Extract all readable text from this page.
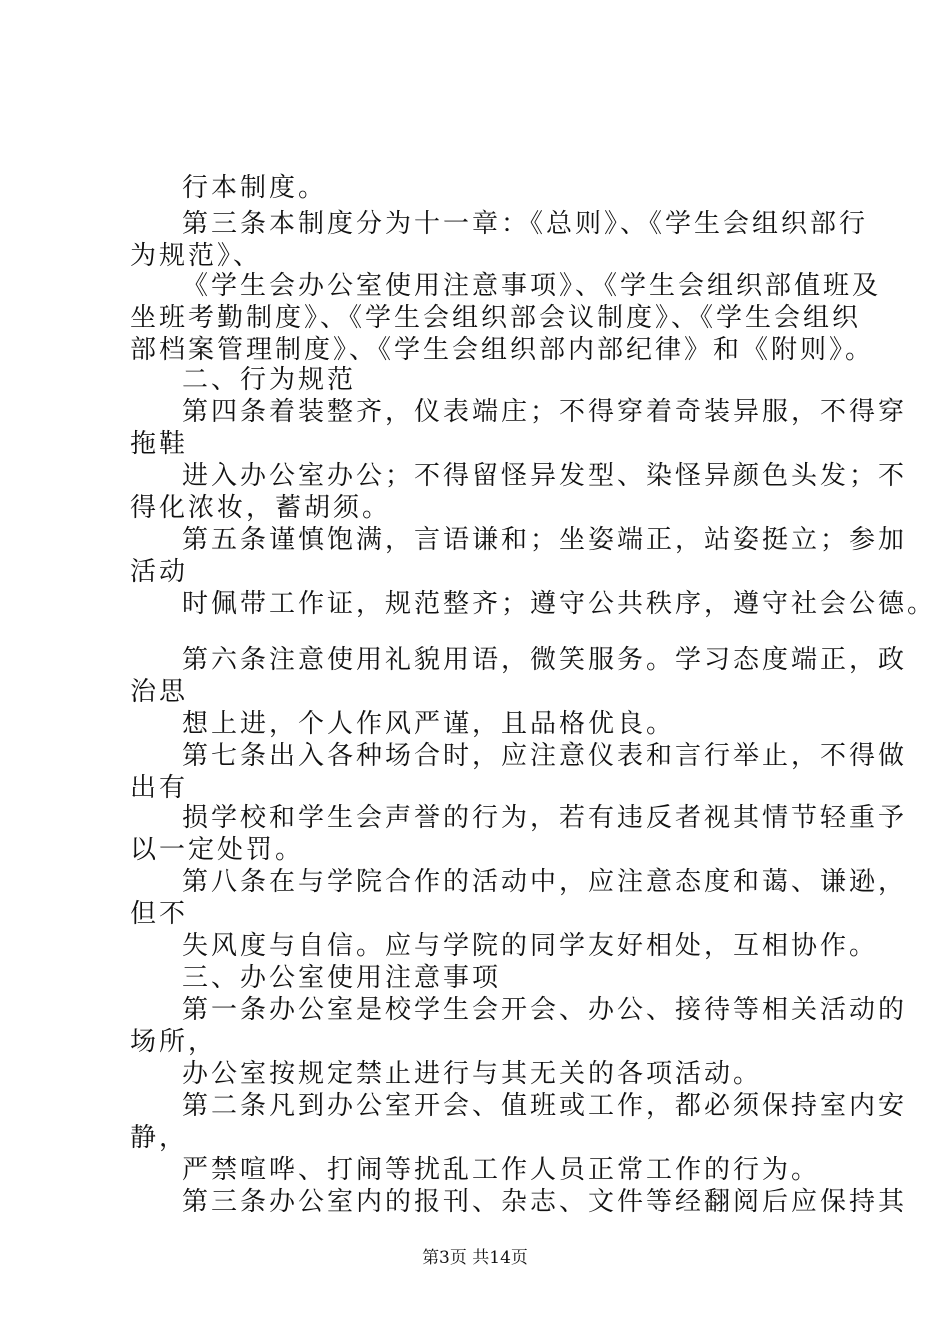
行本制度。
第三条本制度分为十一章：《总则》、《学生会组织部行
为规范》、
《学生会办公室使用注意事项》、《学生会组织部值班及
坐班考勤制度》、《学生会组织部会议制度》、《学生会组织
部档案管理制度》、《学生会组织部内部纪律》和《附则》。
二、行为规范
第四条着装整齐，仪表端庄；不得穿着奇装异服，不得穿
拖鞋
进入办公室办公；不得留怪异发型、染怪异颜色头发；不
得化浓妆，蓄胡须。
第五条谨慎饱满，言语谦和；坐姿端正，站姿挺立；参加
活动
时佩带工作证，规范整齐；遵守公共秩序，遵守社会公德。
第六条注意使用礼貌用语，微笑服务。学习态度端正，政
治思
想上进，个人作风严谨，且品格优良。
第七条出入各种场合时，应注意仪表和言行举止，不得做
出有
损学校和学生会声誉的行为，若有违反者视其情节轻重予
以一定处罚。
第八条在与学院合作的活动中，应注意态度和蔼、谦逊，
但不
失风度与自信。应与学院的同学友好相处，互相协作。
三、办公室使用注意事项
第一条办公室是校学生会开会、办公、接待等相关活动的
场所，
办公室按规定禁止进行与其无关的各项活动。
第二条凡到办公室开会、值班或工作，都必须保持室内安
静，
严禁喧哗、打闹等扰乱工作人员正常工作的行为。
第三条办公室内的报刊、杂志、文件等经翻阅后应保持其
第3页 共14页
